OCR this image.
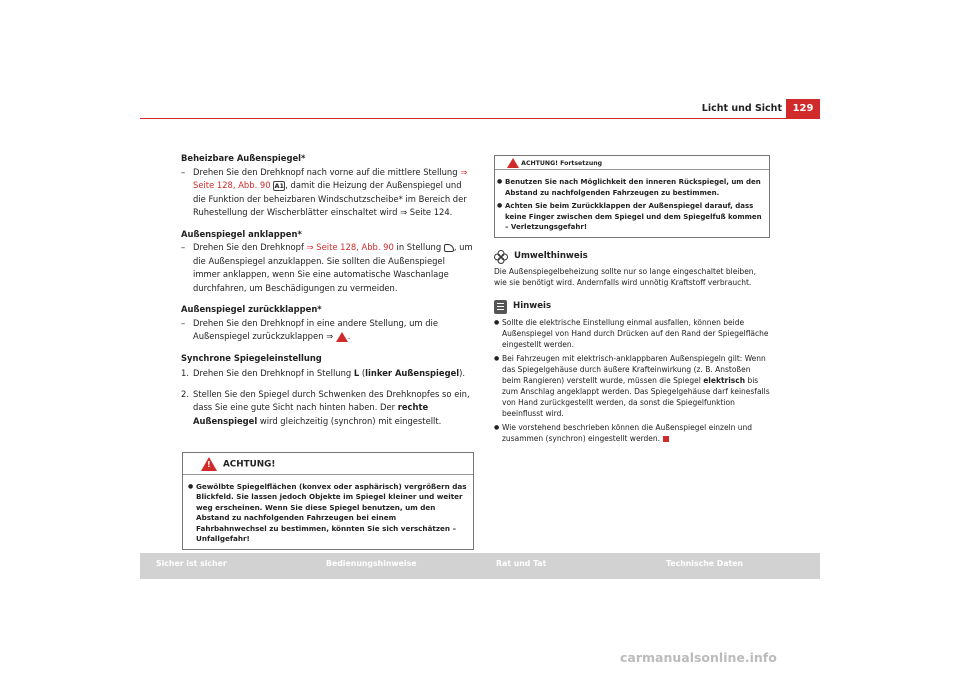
Licht und Sicht	129
Beheizbare Außenspiegel*
– Drehen Sie den Drehknopf nach vorne auf die mittlere Stellung ⇒ Seite 128, Abb. 90 A1, damit die Heizung der Außenspiegel und die Funktion der beheizbaren Windschutzscheibe* im Bereich der Ruhestellung der Wischerblätter einschaltet wird ⇒ Seite 124.
Außenspiegel anklappen*
– Drehen Sie den Drehknopf ⇒ Seite 128, Abb. 90 in Stellung , um die Außenspiegel anzuklappen. Sie sollten die Außenspiegel immer anklappen, wenn Sie eine automatische Waschanlage durchfahren, um Beschädigungen zu vermeiden.
Außenspiegel zurückklappen*
– Drehen Sie den Drehknopf in eine andere Stellung, um die Außenspiegel zurückzuklappen ⇒ .
Synchrone Spiegeleinstellung
1. Drehen Sie den Drehknopf in Stellung L (linker Außenspiegel).
2. Stellen Sie den Spiegel durch Schwenken des Drehknopfes so ein, dass Sie eine gute Sicht nach hinten haben. Der rechte Außenspiegel wird gleichzeitig (synchron) mit eingestellt.
!ACHTUNG!
● Gewölbte Spiegelflächen (konvex oder asphärisch) vergrößern das Blickfeld. Sie lassen jedoch Objekte im Spiegel kleiner und weiter weg erscheinen. Wenn Sie diese Spiegel benutzen, um den Abstand zu nachfolgenden Fahrzeugen bei einem Fahrbahnwechsel zu bestimmen, könnten Sie sich verschätzen – Unfallgefahr!
ACHTUNG! Fortsetzung
● Benutzen Sie nach Möglichkeit den inneren Rückspiegel, um den Abstand zu nachfolgenden Fahrzeugen zu bestimmen.
● Achten Sie beim Zurückklappen der Außenspiegel darauf, dass keine Finger zwischen dem Spiegel und dem Spiegelfuß kommen – Verletzungsgefahr!
Umwelthinweis
Die Außenspiegelbeheizung sollte nur so lange eingeschaltet bleiben, wie sie benötigt wird. Andernfalls wird unnötig Kraftstoff verbraucht.
Hinweis
● Sollte die elektrische Einstellung einmal ausfallen, können beide Außenspiegel von Hand durch Drücken auf den Rand der Spiegelfläche eingestellt werden.
● Bei Fahrzeugen mit elektrisch-anklappbaren Außenspiegeln gilt: Wenn das Spiegelgehäuse durch äußere Krafteinwirkung (z. B. Anstoßen beim Rangieren) verstellt wurde, müssen die Spiegel elektrisch bis zum Anschlag angeklappt werden. Das Spiegelgehäuse darf keinesfalls von Hand zurückgestellt werden, da sonst die Spiegelfunktion beeinflusst wird.
● Wie vorstehend beschrieben können die Außenspiegel einzeln und zusammen (synchron) eingestellt werden.
Sicher ist sicher	Bedienungshinweise	Rat und Tat	Technische Daten
carmanualsonline.info
